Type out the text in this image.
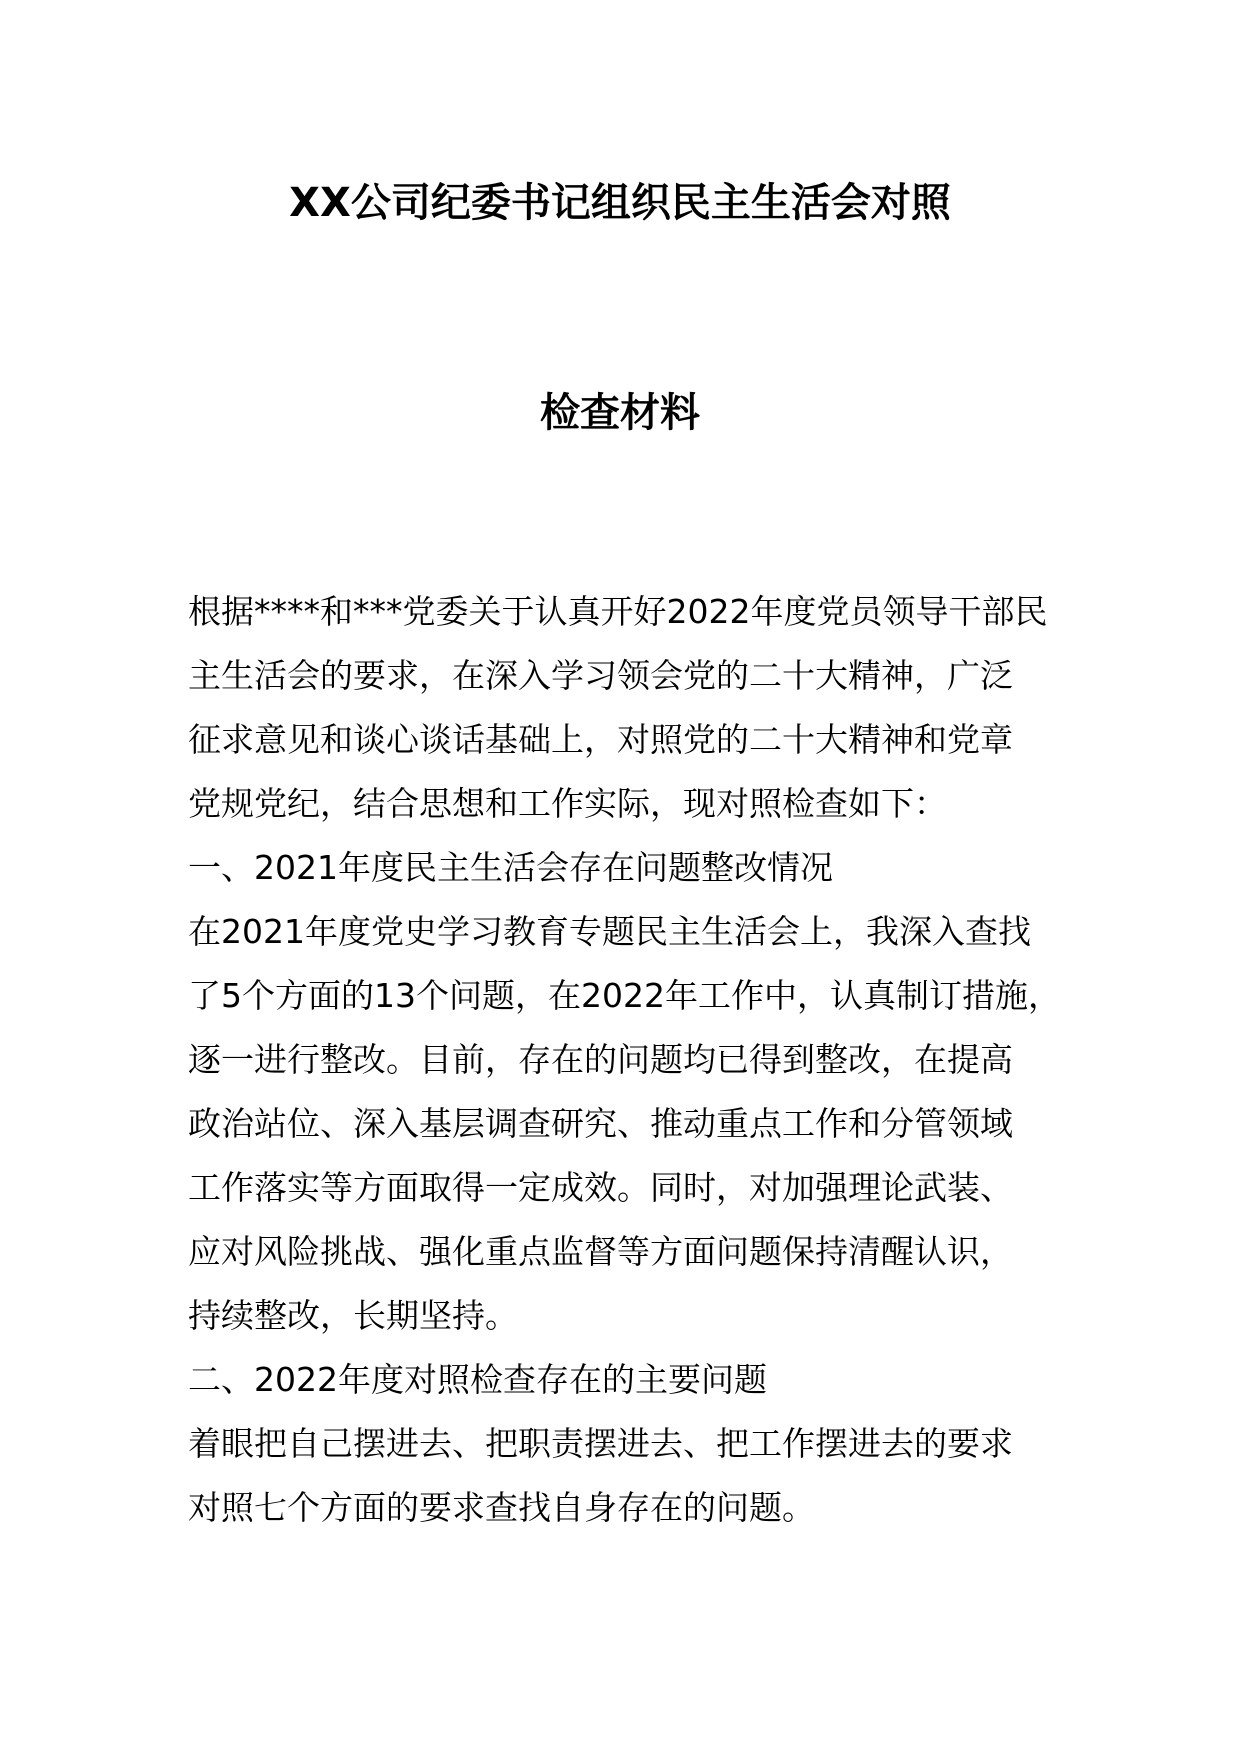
XX公司纪委书记组织民主生活会对照
检查材料
根据****和***党委关于认真开好2022年度党员领导干部民
主生活会的要求，在深入学习领会党的二十大精神，广泛
征求意见和谈心谈话基础上，对照党的二十大精神和党章
党规党纪，结合思想和工作实际，现对照检查如下：
一、2021年度民主生活会存在问题整改情况
在2021年度党史学习教育专题民主生活会上，我深入查找
了5个方面的13个问题，在2022年工作中，认真制订措施，
逐一进行整改。目前，存在的问题均已得到整改，在提高
政治站位、深入基层调查研究、推动重点工作和分管领域
工作落实等方面取得一定成效。同时，对加强理论武装、
应对风险挑战、强化重点监督等方面问题保持清醒认识，
持续整改，长期坚持。
二、2022年度对照检查存在的主要问题
着眼把自己摆进去、把职责摆进去、把工作摆进去的要求
对照七个方面的要求查找自身存在的问题。
